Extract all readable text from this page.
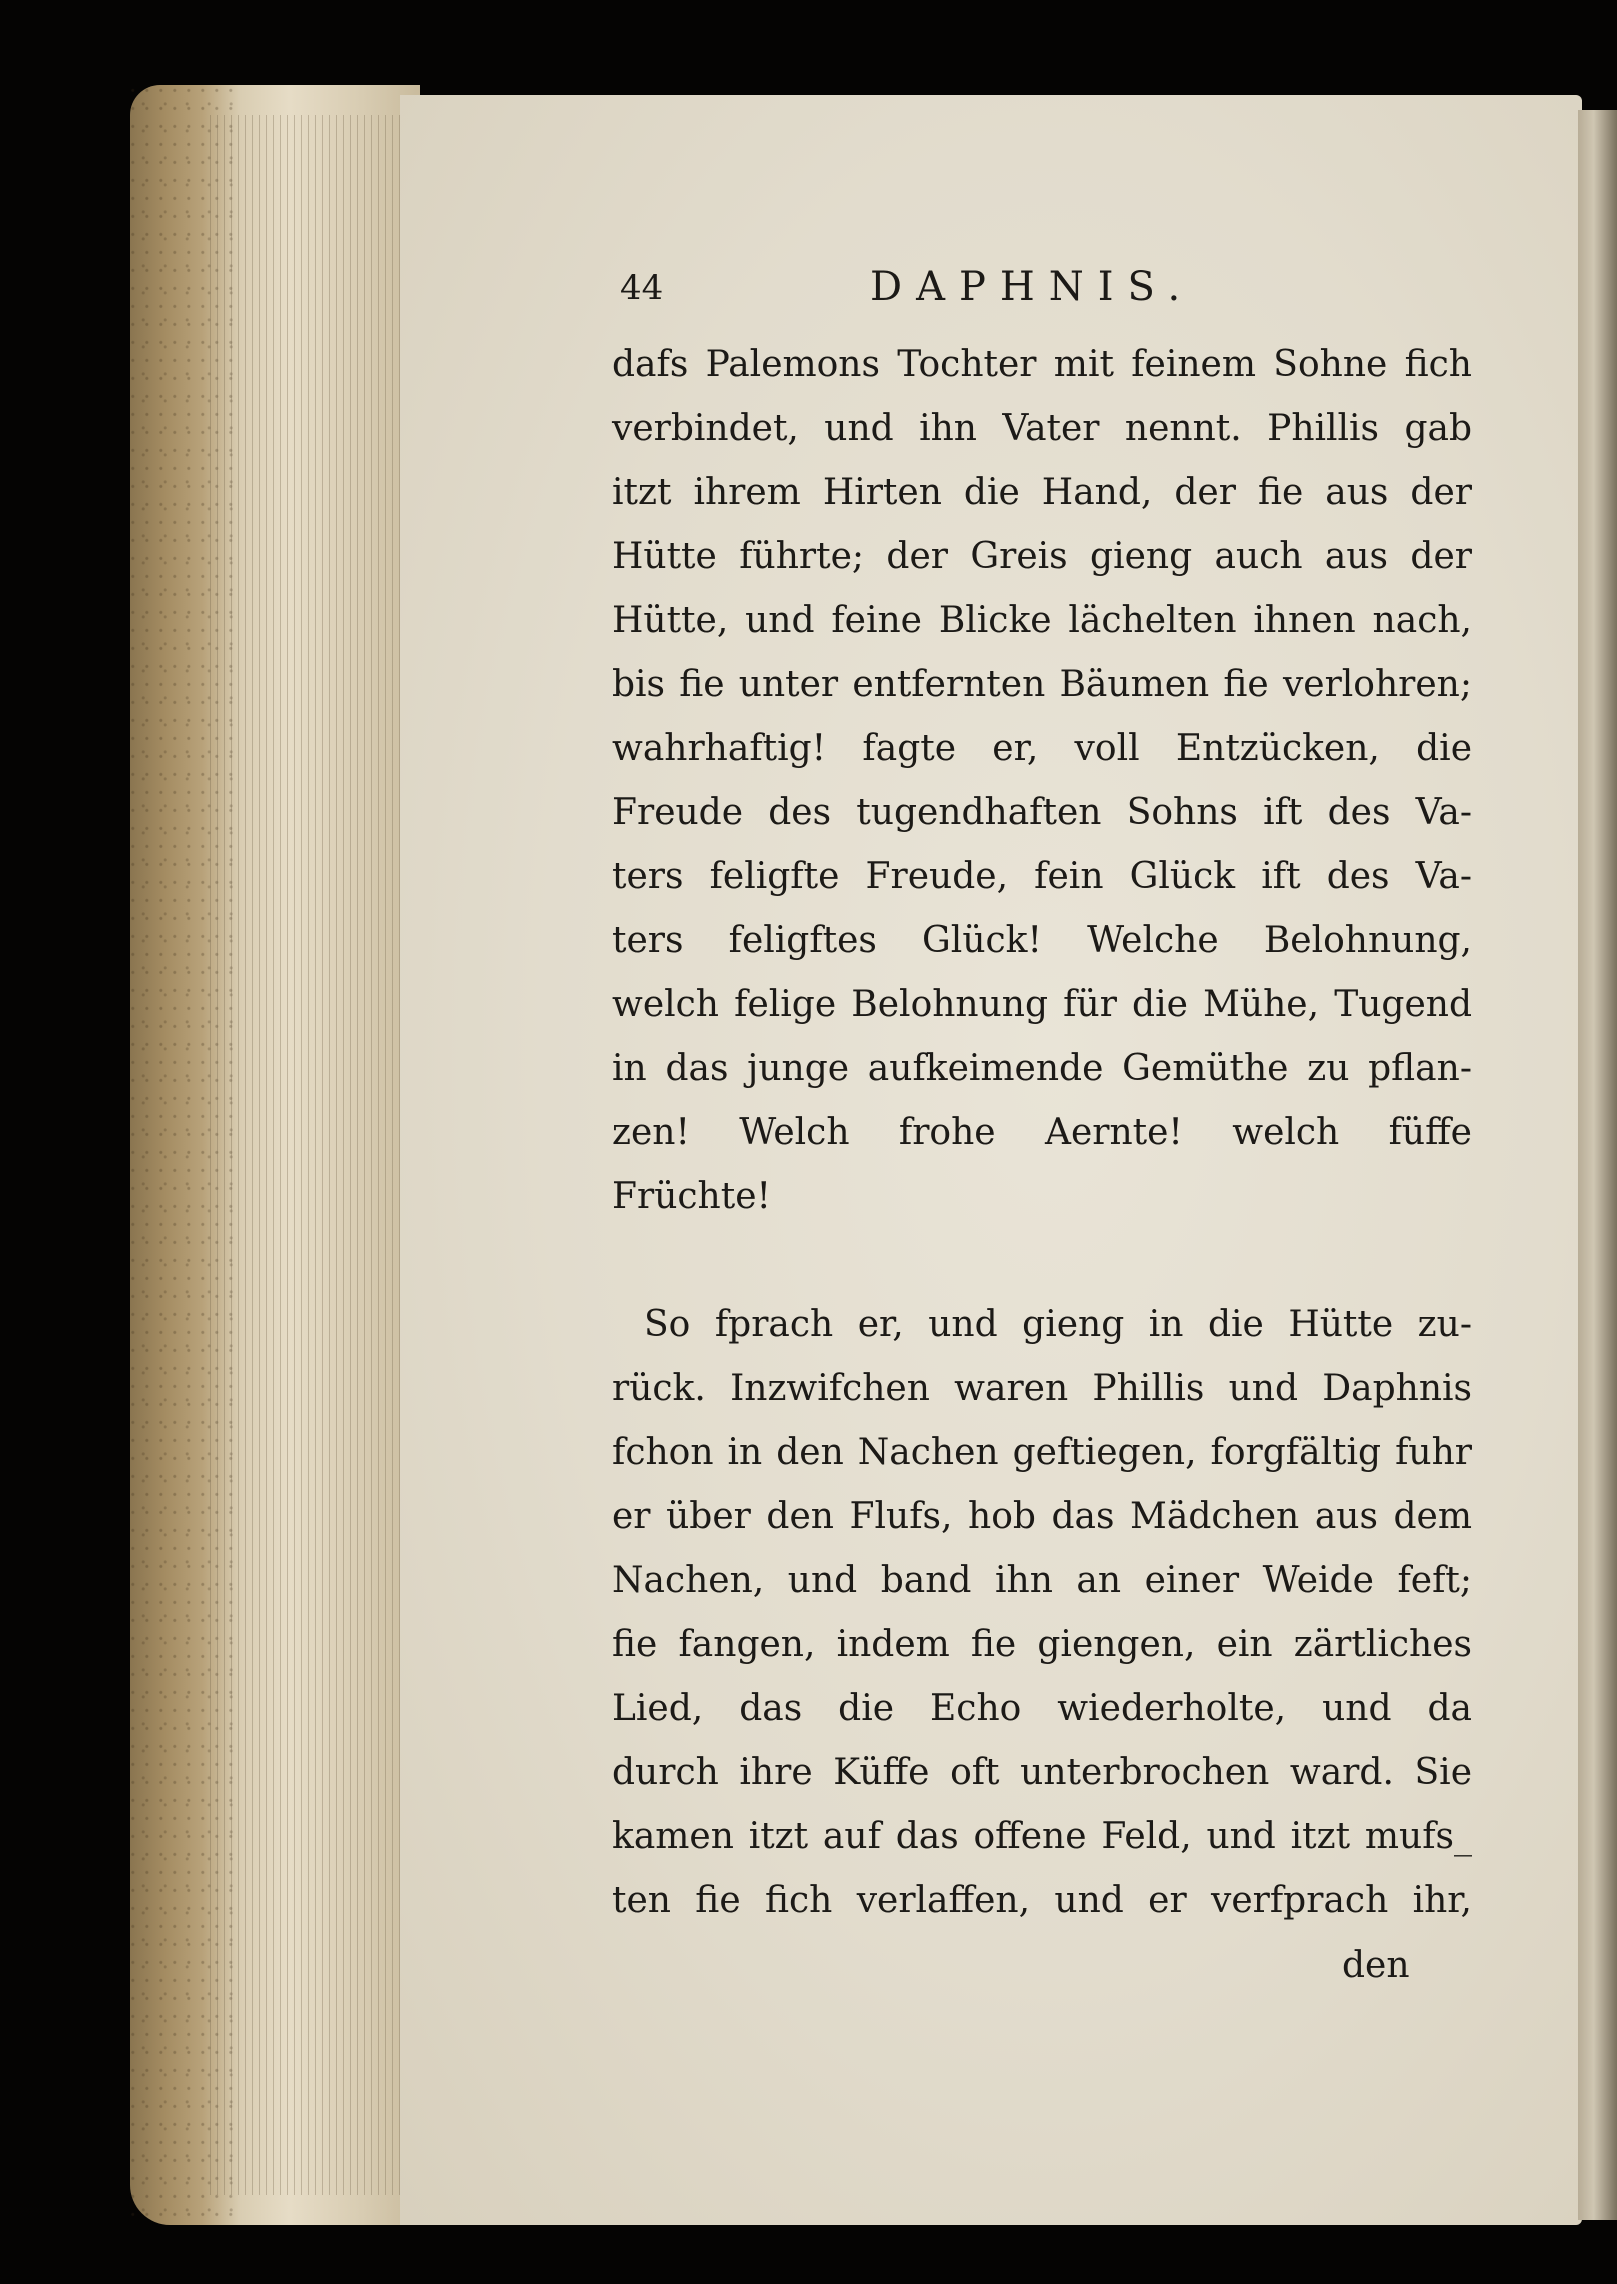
44	DAPHNIS.
dafs Palemons Tochter mit feinem Sohne fich
verbindet, und ihn Vater nennt. Phillis gab
itzt ihrem Hirten die Hand, der fie aus der
Hütte führte; der Greis gieng auch aus der
Hütte, und feine Blicke lächelten ihnen nach,
bis fie unter entfernten Bäumen fie verlohren;
wahrhaftig! fagte er, voll Entzücken, die
Freude des tugendhaften Sohns ift des Va-
ters feligfte Freude, fein Glück ift des Va-
ters feligftes Glück! Welche Belohnung,
welch felige Belohnung für die Mühe, Tugend
in das junge aufkeimende Gemüthe zu pflan-
zen! Welch frohe Aernte! welch füffe
Früchte!
So fprach er, und gieng in die Hütte zu-
rück. Inzwifchen waren Phillis und Daphnis
fchon in den Nachen geftiegen, forgfältig fuhr
er über den Flufs, hob das Mädchen aus dem
Nachen, und band ihn an einer Weide feft;
fie fangen, indem fie giengen, ein zärtliches
Lied, das die Echo wiederholte, und da
durch ihre Küffe oft unterbrochen ward. Sie
kamen itzt auf das offene Feld, und itzt mufs_
ten fie fich verlaffen, und er verfprach ihr,
den
